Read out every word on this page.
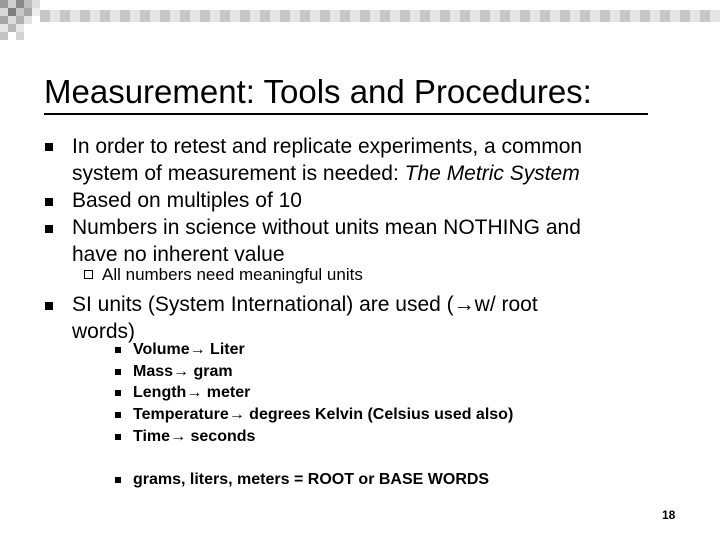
Measurement: Tools and Procedures:
In order to retest and replicate experiments, a common
system of measurement is needed: The Metric System
Based on multiples of 10
Numbers in science without units mean NOTHING and
have no inherent value
All numbers need meaningful units
SI units (System International) are used (→w/ root
words)
Volume→ Liter
Mass→ gram
Length→ meter
Temperature→ degrees Kelvin (Celsius used also)
Time→ seconds
grams, liters, meters = ROOT or BASE WORDS
18
